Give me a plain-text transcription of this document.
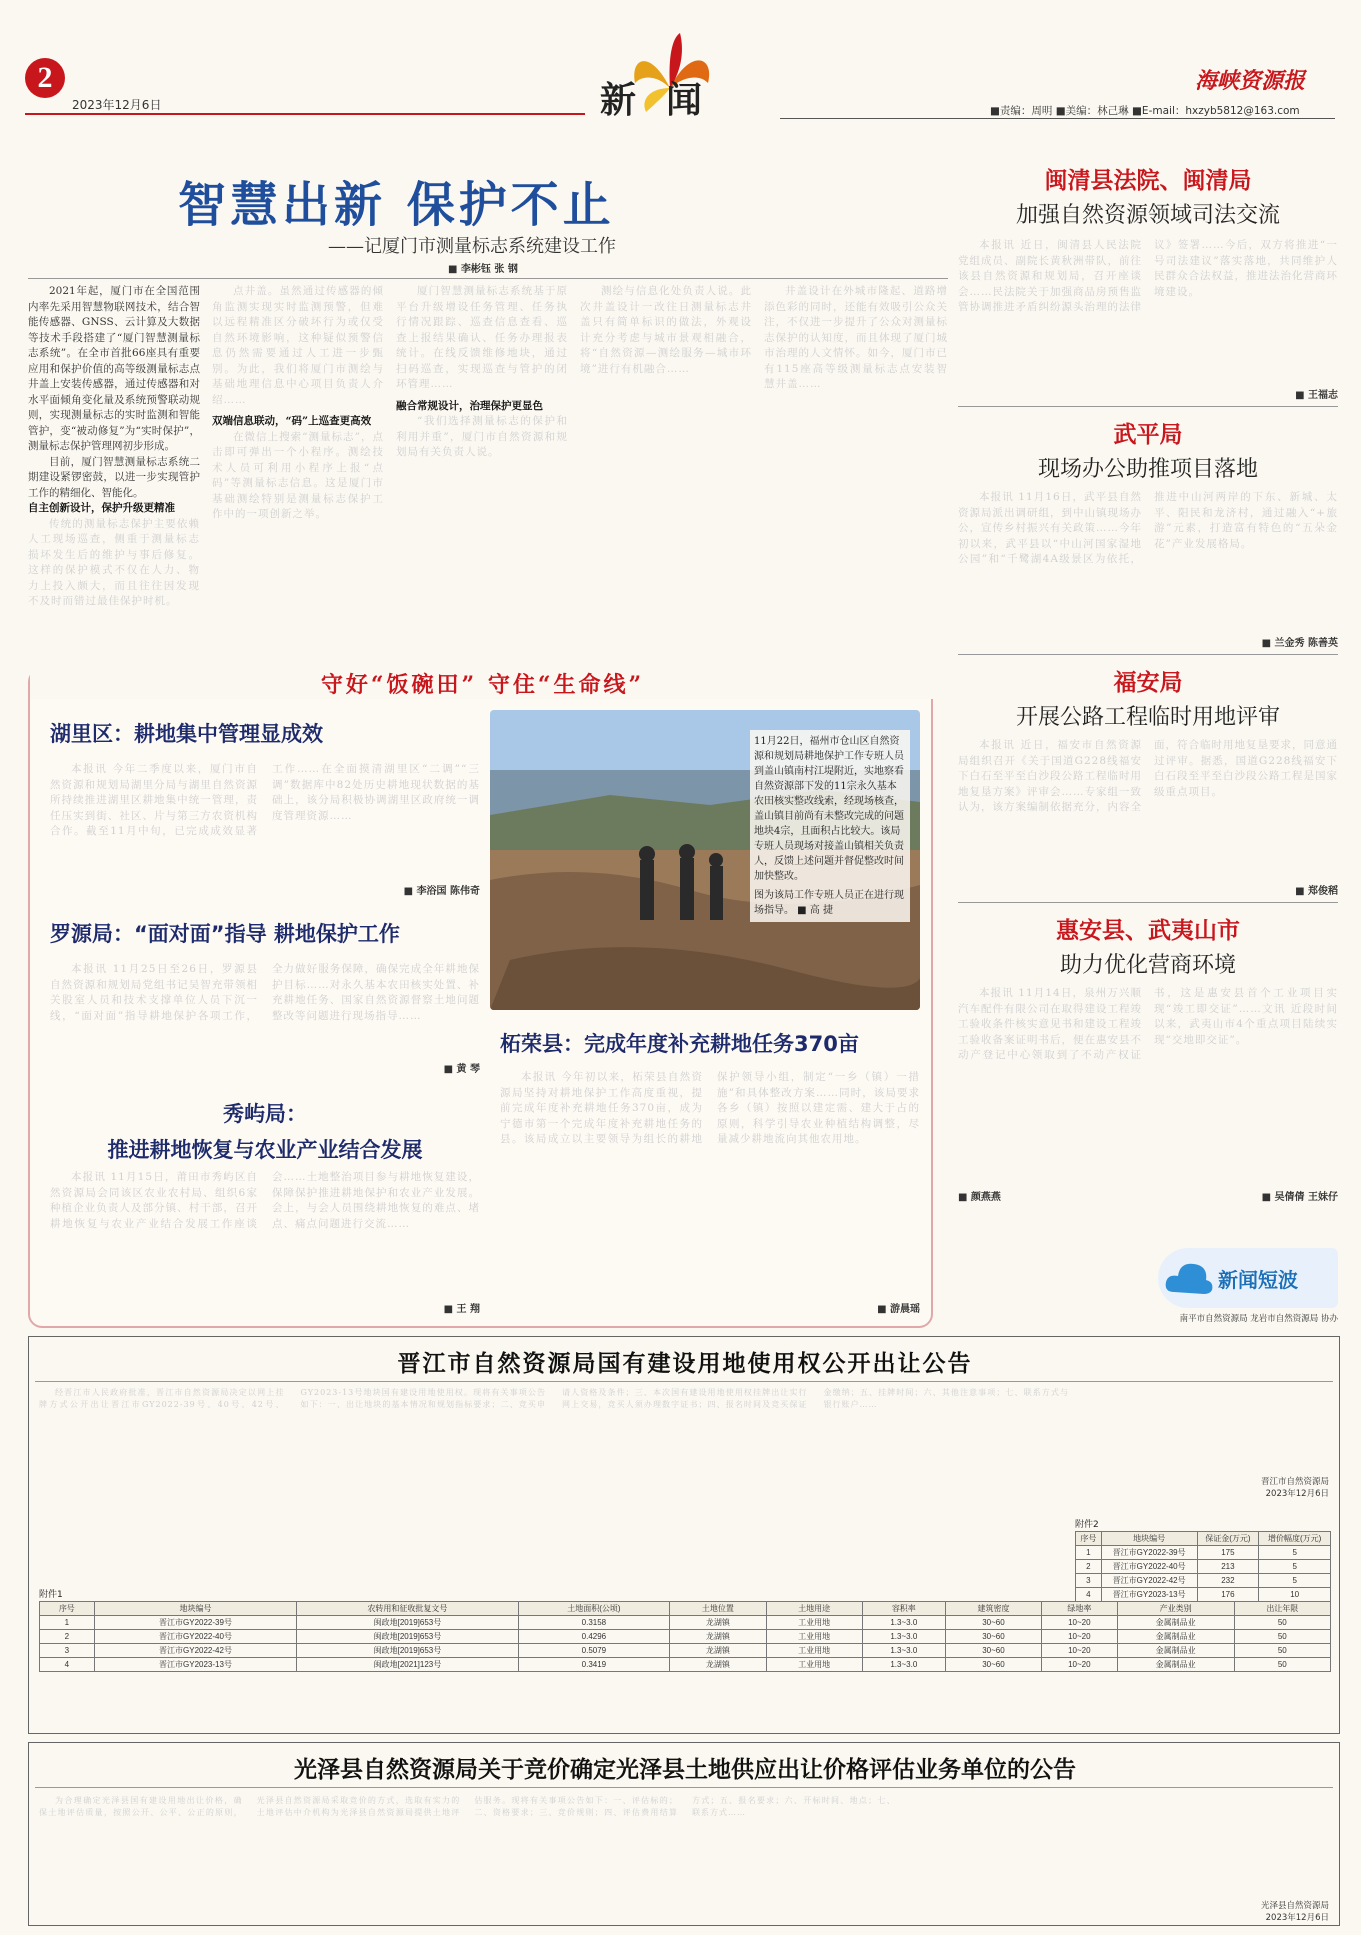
2
2023年12月6日	新闻	海峡资源报
■责编：周明 ■美编：林己琳 ■E-mail：hxzyb5812@163.com
智慧出新 保护不止
——记厦门市测量标志系统建设工作
■ 李彬钰 张 钢

2021年起，厦门市在全国范围内率先采用智慧物联网技术，结合智能传感器、GNSS、云计算及大数据等技术手段搭建了“厦门智慧测量标志系统”。在全市首批66座具有重要应用和保护价值的高等级测量标志点井盖上安装传感器，通过传感器和对水平面倾角变化量及系统预警联动规则，实现测量标志的实时监测和智能管护，变“被动修复”为“实时保护”，测量标志保护管理网初步形成。

目前，厦门智慧测量标志系统二期建设紧锣密鼓，以进一步实现管护工作的精细化、智能化。

自主创新设计，保护升级更精准

传统的测量标志保护主要依赖人工现场巡查，侧重于测量标志损坏发生后的维护与事后修复。这样的保护模式不仅在人力、物力上投入颇大，而且往往因发现不及时而错过最佳保护时机。

点井盖。虽然通过传感器的倾角监测实现实时监测预警，但难以远程精准区分破坏行为或仅受自然环境影响，这种疑似预警信息仍然需要通过人工进一步甄别。为此，我们将厦门市测绘与基础地理信息中心项目负责人介绍……

双端信息联动，“码”上巡查更高效

在微信上搜索“测量标志”，点击即可弹出一个小程序。测绘技术人员可利用小程序上报“点码”等测量标志信息。这是厦门市基础测绘特别是测量标志保护工作中的一项创新之举。

厦门智慧测量标志系统基于原平台升级增设任务管理、任务执行情况跟踪、巡查信息查看、巡查上报结果确认、任务办理报表统计。在线反馈维修地块，通过扫码巡查，实现巡查与管护的闭环管理……

融合常规设计，治理保护更显色

“我们选择测量标志的保护和利用并重”，厦门市自然资源和规划局有关负责人说。

测绘与信息化处负责人说。此次井盖设计一改往日测量标志井盖只有简单标识的做法，外观设计充分考虑与城市景观相融合，将“自然资源—测绘服务—城市环境”进行有机融合……

井盖设计在外城市隆起、道路增添色彩的同时，还能有效吸引公众关注，不仅进一步提升了公众对测量标志保护的认知度，而且体现了厦门城市治理的人文情怀。如今，厦门市已有115座高等级测量标志点安装智慧井盖……

守好“饭碗田” 守住“生命线”
湖里区：耕地集中管理显成效

本报讯 今年二季度以来，厦门市自然资源和规划局湖里分局与湖里自然资源所持续推进湖里区耕地集中统一管理，责任压实到街、社区、片与第三方农资机构合作。截至11月中旬，已完成成效显著工作……在全面摸清湖里区“二调”“三调”数据库中82处历史耕地现状数据的基础上，该分局积极协调湖里区政府统一调度管理资源……

■ 李浴国 陈伟奇
罗源局：“面对面”指导 耕地保护工作

本报讯 11月25日至26日，罗源县自然资源和规划局党组书记吴智充带领相关股室人员和技术支撑单位人员下沉一线，“面对面”指导耕地保护各项工作，全力做好服务保障，确保完成全年耕地保护目标……对永久基本农田核实处置、补充耕地任务、国家自然资源督察土地问题整改等问题进行现场指导……

■ 黄 琴
秀屿局：
推进耕地恢复与农业产业结合发展

本报讯 11月15日，莆田市秀屿区自然资源局会同该区农业农村局、组织6家种植企业负责人及部分镇、村干部，召开耕地恢复与农业产业结合发展工作座谈会……土地整治项目参与耕地恢复建设，保障保护推进耕地保护和农业产业发展。会上，与会人员围绕耕地恢复的难点、堵点、痛点问题进行交流……

■ 王 翔
11月22日，福州市仓山区自然资源和规划局耕地保护工作专班人员到盖山镇南村江堤附近，实地察看自然资源部下发的11宗永久基本农田核实整改线索，经现场核查，盖山镇目前尚有未整改完成的问题地块4宗，且面积占比较大。该局专班人员现场对接盖山镇相关负责人，反馈上述问题并督促整改时间加快整改。
图为该局工作专班人员正在进行现场指导。 ■ 高 捷
柘荣县：完成年度补充耕地任务370亩

本报讯 今年初以来，柘荣县自然资源局坚持对耕地保护工作高度重视，提前完成年度补充耕地任务370亩，成为宁德市第一个完成年度补充耕地任务的县。该局成立以主要领导为组长的耕地保护领导小组，制定“一乡（镇）一措施”和具体整改方案……同时，该局要求各乡（镇）按照以建定需、建大于占的原则，科学引导农业种植结构调整，尽量减少耕地流向其他农用地。

■ 游晨瑶
闽清县法院、闽清局
加强自然资源领域司法交流

本报讯 近日，闽清县人民法院党组成员、副院长黄秋洲带队，前往该县自然资源和规划局，召开座谈会……民法院关于加强商品房预售监管协调推进矛盾纠纷源头治理的法律议》签署……今后，双方将推进“一号司法建议”落实落地，共同维护人民群众合法权益，推进法治化营商环境建设。

■ 王福志
武平局
现场办公助推项目落地

本报讯 11月16日，武平县自然资源局派出调研组，到中山镇现场办公，宣传乡村振兴有关政策……今年初以来，武平县以“中山河国家湿地公园”和“千鹭湖4A级景区为依托，推进中山河两岸的下东、新城、太平、阳民和龙济村，通过融入“+旅游”元素，打造富有特色的“五朵金花”产业发展格局。

■ 兰金秀 陈善英
福安局
开展公路工程临时用地评审

本报讯 近日，福安市自然资源局组织召开《关于国道G228线福安下白石至平至白沙段公路工程临时用地复垦方案》评审会……专家组一致认为，该方案编制依据充分，内容全面，符合临时用地复垦要求，同意通过评审。据悉，国道G228线福安下白石段至平至白沙段公路工程是国家级重点项目。

■ 郑俊稻
惠安县、武夷山市
助力优化营商环境

本报讯 11月14日，泉州万兴顺汽车配件有限公司在取得建设工程竣工验收条件核实意见书和建设工程竣工验收备案证明书后，便在惠安县不动产登记中心领取到了不动产权证书，这是惠安县首个工业项目实现“竣工即交证”……文讯 近段时间以来，武夷山市4个重点项目陆续实现“交地即交证”。

■ 吴倩倩 王妹仔
■ 颜燕燕
新闻短波
南平市自然资源局 龙岩市自然资源局 协办
晋江市自然资源局国有建设用地使用权公开出让公告

经晋江市人民政府批准，晋江市自然资源局决定以网上挂牌方式公开出让晋江市GY2022-39号、40号、42号、GY2023-13号地块国有建设用地使用权。现将有关事项公告如下：一、出让地块的基本情况和规划指标要求；二、竞买申请人资格及条件；三、本次国有建设用地使用权挂牌出让实行网上交易，竞买人须办理数字证书；四、报名时间及竞买保证金缴纳；五、挂牌时间；六、其他注意事项；七、联系方式与银行账户……

晋江市自然资源局
2023年12月6日
附件2
序号	地块编号	保证金(万元)	增价幅度(万元)
1	晋江市GY2022-39号	175	5
2	晋江市GY2022-40号	213	5
3	晋江市GY2022-42号	232	5
4	晋江市GY2023-13号	176	10
附件1
序号	地块编号	农转用和征收批复文号	土地面积(公顷)	土地位置	土地用途	容积率	建筑密度	绿地率	产业类别	出让年限
1	晋江市GY2022-39号	闽政地[2019]653号	0.3158	龙湖镇	工业用地	1.3~3.0	30~60	10~20	金属制品业	50
2	晋江市GY2022-40号	闽政地[2019]653号	0.4296	龙湖镇	工业用地	1.3~3.0	30~60	10~20	金属制品业	50
3	晋江市GY2022-42号	闽政地[2019]653号	0.5079	龙湖镇	工业用地	1.3~3.0	30~60	10~20	金属制品业	50
4	晋江市GY2023-13号	闽政地[2021]123号	0.3419	龙湖镇	工业用地	1.3~3.0	30~60	10~20	金属制品业	50
光泽县自然资源局关于竞价确定光泽县土地供应出让价格评估业务单位的公告

为合理确定光泽县国有建设用地出让价格，确保土地评估质量，按照公开、公平、公正的原则，光泽县自然资源局采取竞价的方式，选取有实力的土地评估中介机构为光泽县自然资源局提供土地评估服务。现将有关事项公告如下：一、评估标的；二、资格要求；三、竞价规则；四、评估费用结算方式；五、报名要求；六、开标时间、地点；七、联系方式……

光泽县自然资源局
2023年12月6日
